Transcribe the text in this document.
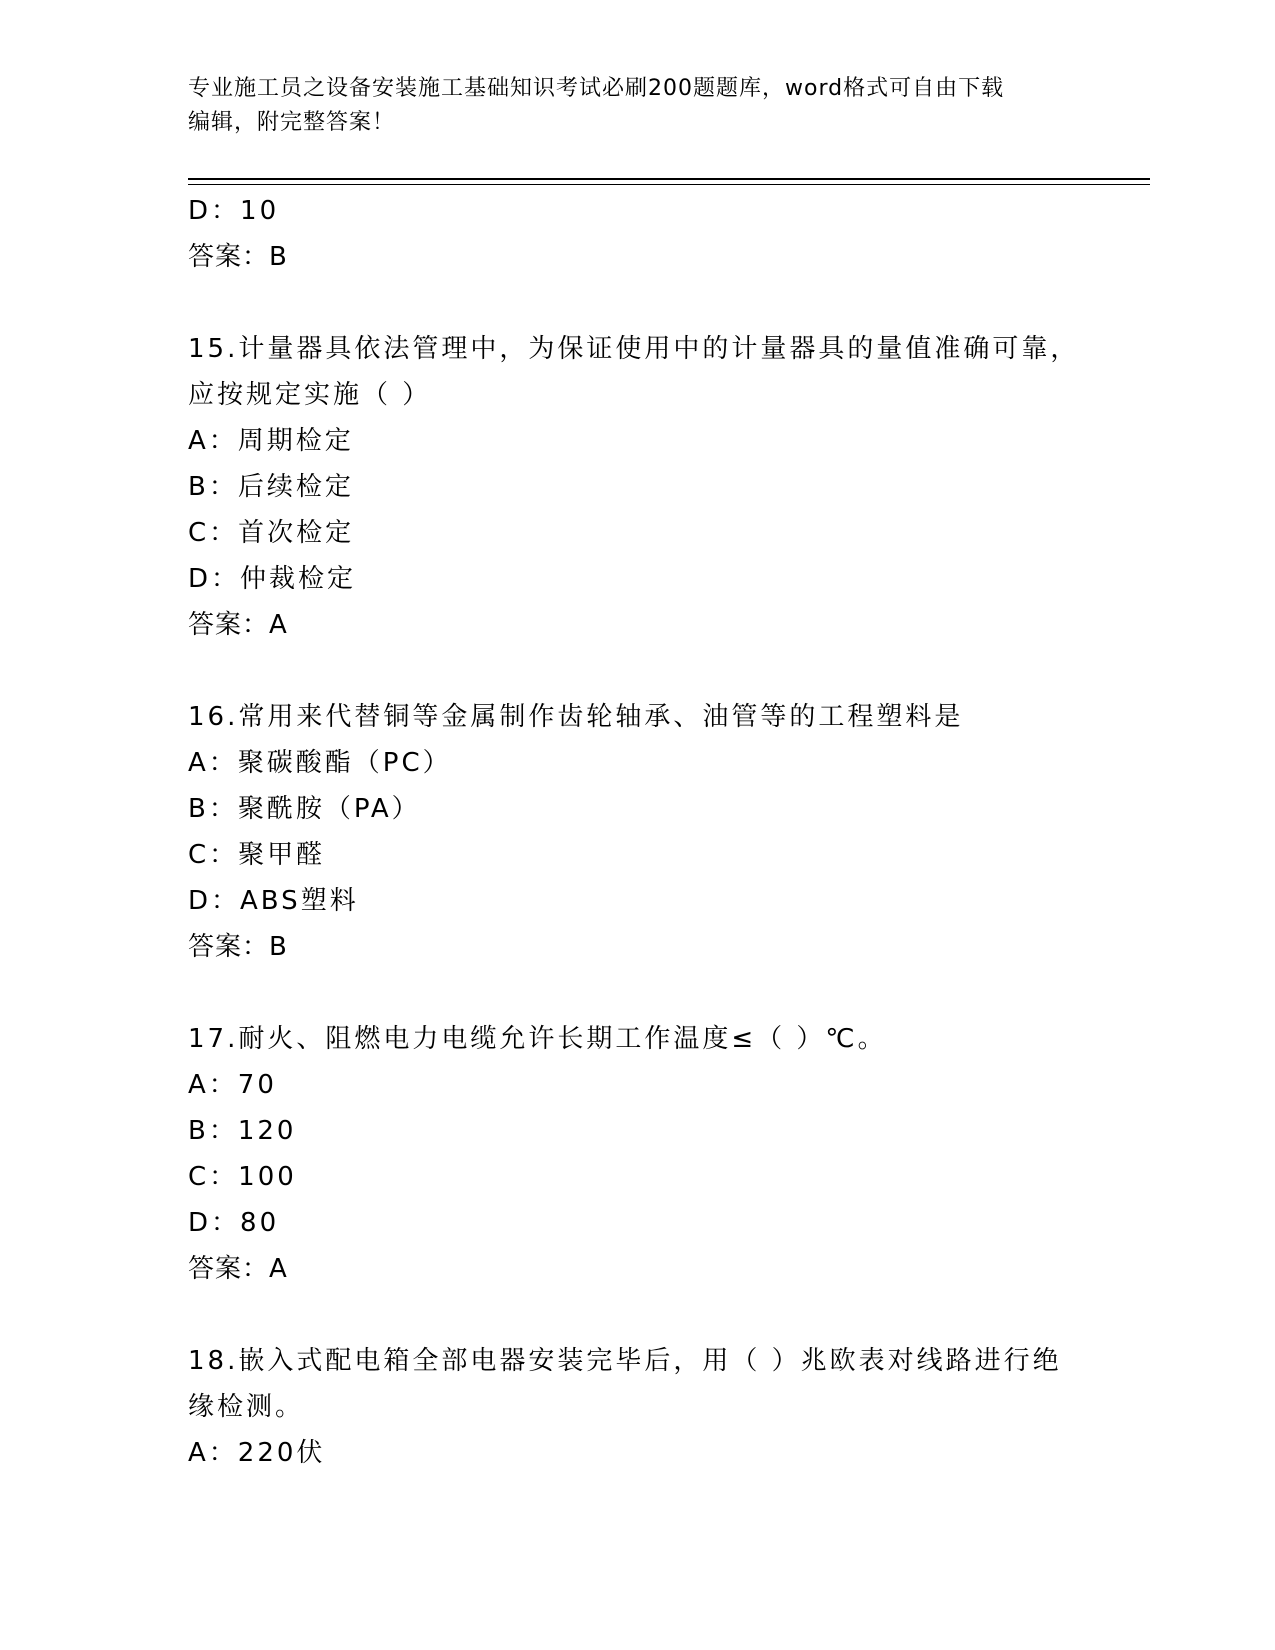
专业施工员之设备安装施工基础知识考试必刷200题题库，word格式可自由下载
编辑，附完整答案！
D：10
答案：B
15.计量器具依法管理中，为保证使用中的计量器具的量值准确可靠，
应按规定实施（ ）
A：周期检定
B：后续检定
C：首次检定
D：仲裁检定
答案：A
16.常用来代替铜等金属制作齿轮轴承、油管等的工程塑料是
A：聚碳酸酯（PC）
B：聚酰胺（PA）
C：聚甲醛
D：ABS塑料
答案：B
17.耐火、阻燃电力电缆允许长期工作温度≤（ ）℃。
A：70
B：120
C：100
D：80
答案：A
18.嵌入式配电箱全部电器安装完毕后，用（ ）兆欧表对线路进行绝
缘检测。
A：220伏
